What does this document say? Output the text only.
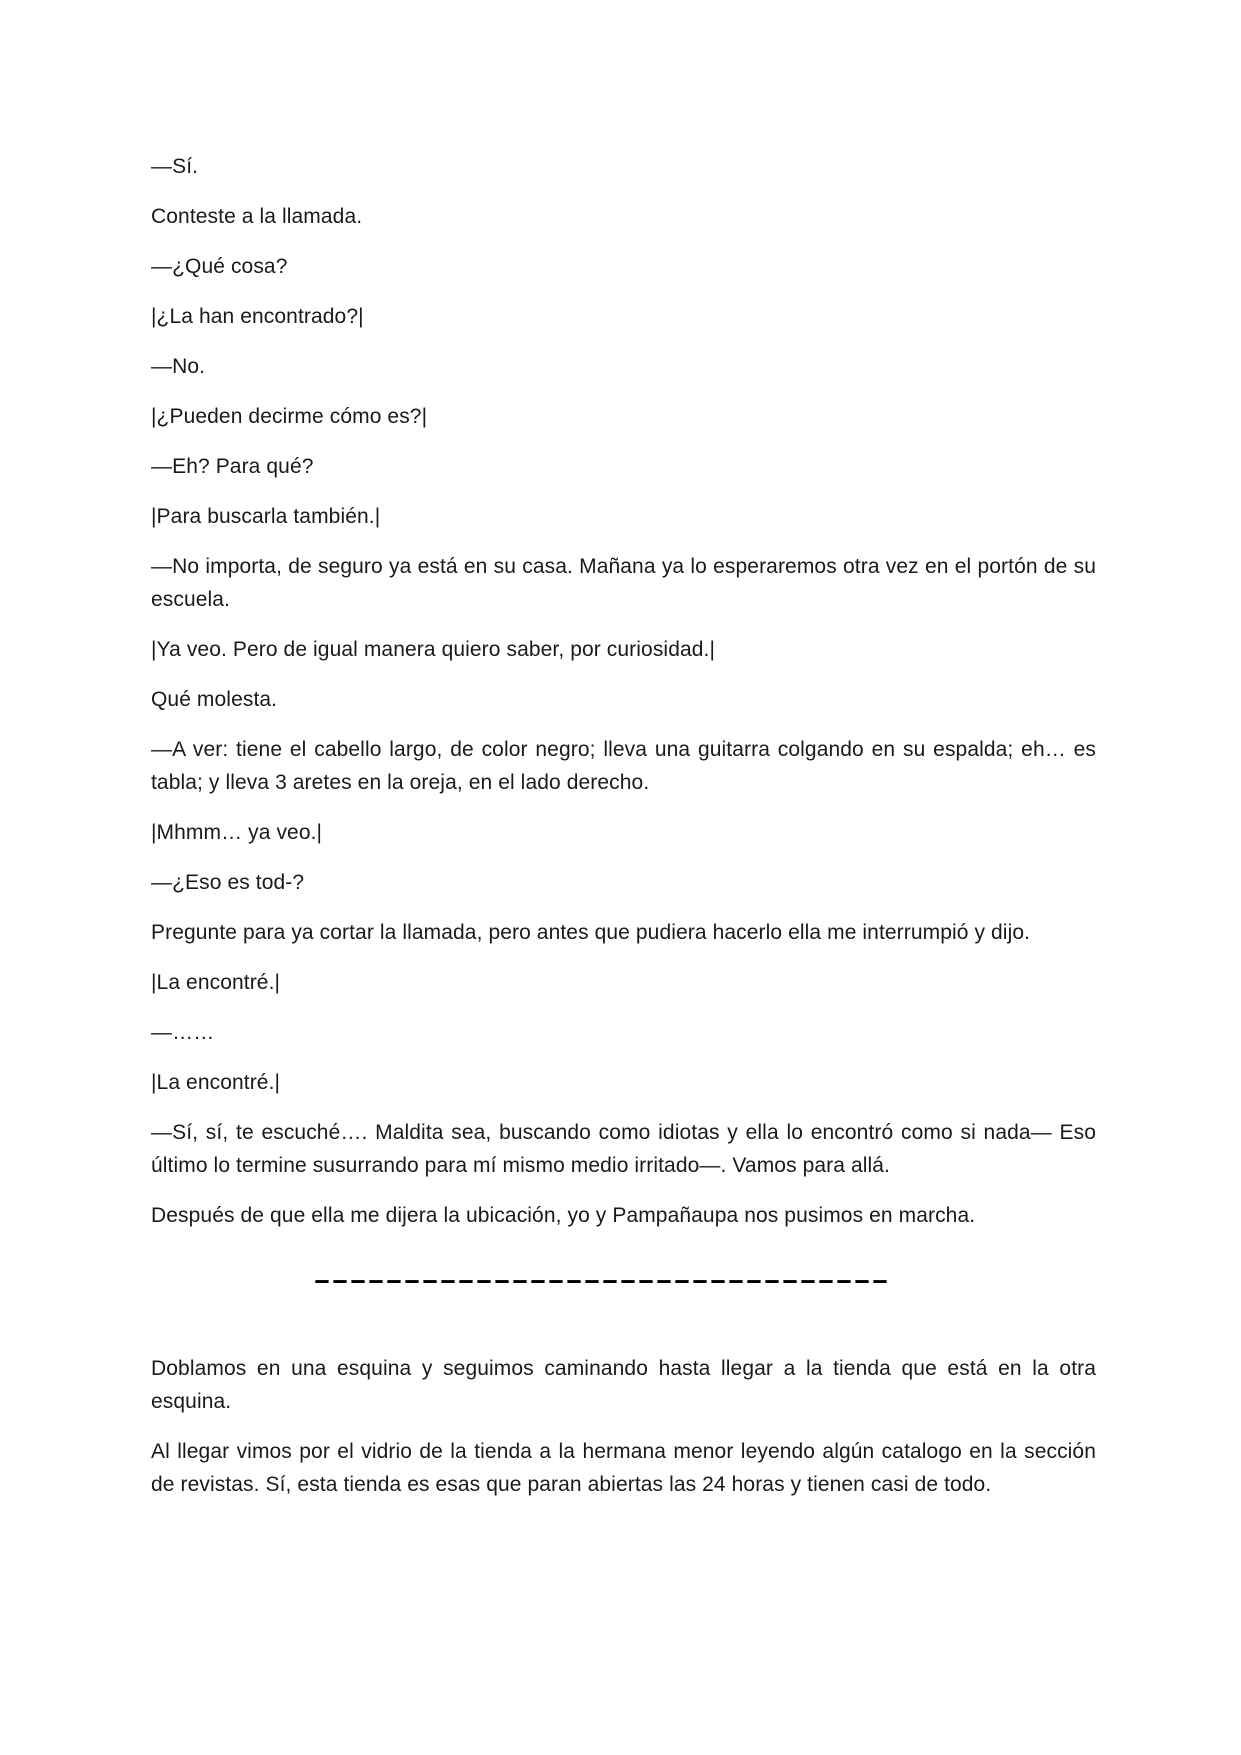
—Sí.

Conteste a la llamada.

—¿Qué cosa?

|¿La han encontrado?|

—No.

|¿Pueden decirme cómo es?|

—Eh? Para qué?

|Para buscarla también.|

—No importa, de seguro ya está en su casa. Mañana ya lo esperaremos otra vez en el portón de su escuela.

|Ya veo. Pero de igual manera quiero saber, por curiosidad.|

Qué molesta.

—A ver: tiene el cabello largo, de color negro; lleva una guitarra colgando en su espalda; eh… es tabla; y lleva 3 aretes en la oreja, en el lado derecho.

|Mhmm… ya veo.|

—¿Eso es tod-?

Pregunte para ya cortar la llamada, pero antes que pudiera hacerlo ella me interrumpió y dijo.

|La encontré.|

—……

|La encontré.|

—Sí, sí, te escuché…. Maldita sea, buscando como idiotas y ella lo encontró como si nada— Eso último lo termine susurrando para mí mismo medio irritado—. Vamos para allá.

Después de que ella me dijera la ubicación, yo y Pampañaupa nos pusimos en marcha.

––––––––––––––––––––––––––––––––

Doblamos en una esquina y seguimos caminando hasta llegar a la tienda que está en la otra esquina.

Al llegar vimos por el vidrio de la tienda a la hermana menor leyendo algún catalogo en la sección de revistas. Sí, esta tienda es esas que paran abiertas las 24 horas y tienen casi de todo.
